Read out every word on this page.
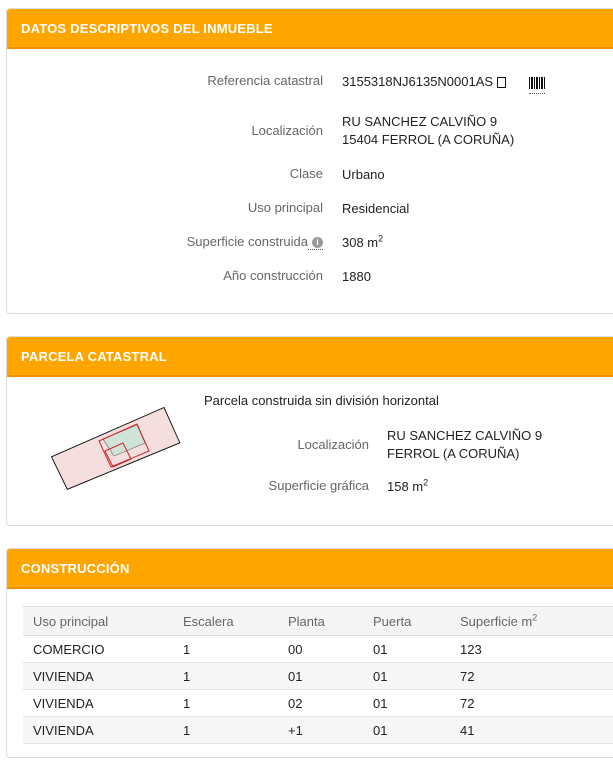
DATOS DESCRIPTIVOS DEL INMUEBLE
Referencia catastral 3155318NJ6135N0001AS
Localización
RU SANCHEZ CALVIÑO 9
15404 FERROL (A CORUÑA)
Clase Urbano
Uso principal Residencial
Superficie construida i	308 $m^2$
Año construcción 1880
PARCELA CATASTRAL
Parcela construida sin división horizontal
Localización
RU SANCHEZ CALVIÑO 9
FERROL (A CORUÑA)
Superficie gráfica 158 $m^2$
CONSTRUCCIÓN
Uso principal	Escalera	Planta	Puerta	Superficie $m^2$
COMERCIO	1	00	01	123
VIVIENDA	1	01	01	72
VIVIENDA	1	02	01	72
VIVIENDA	1	+1	01	41
